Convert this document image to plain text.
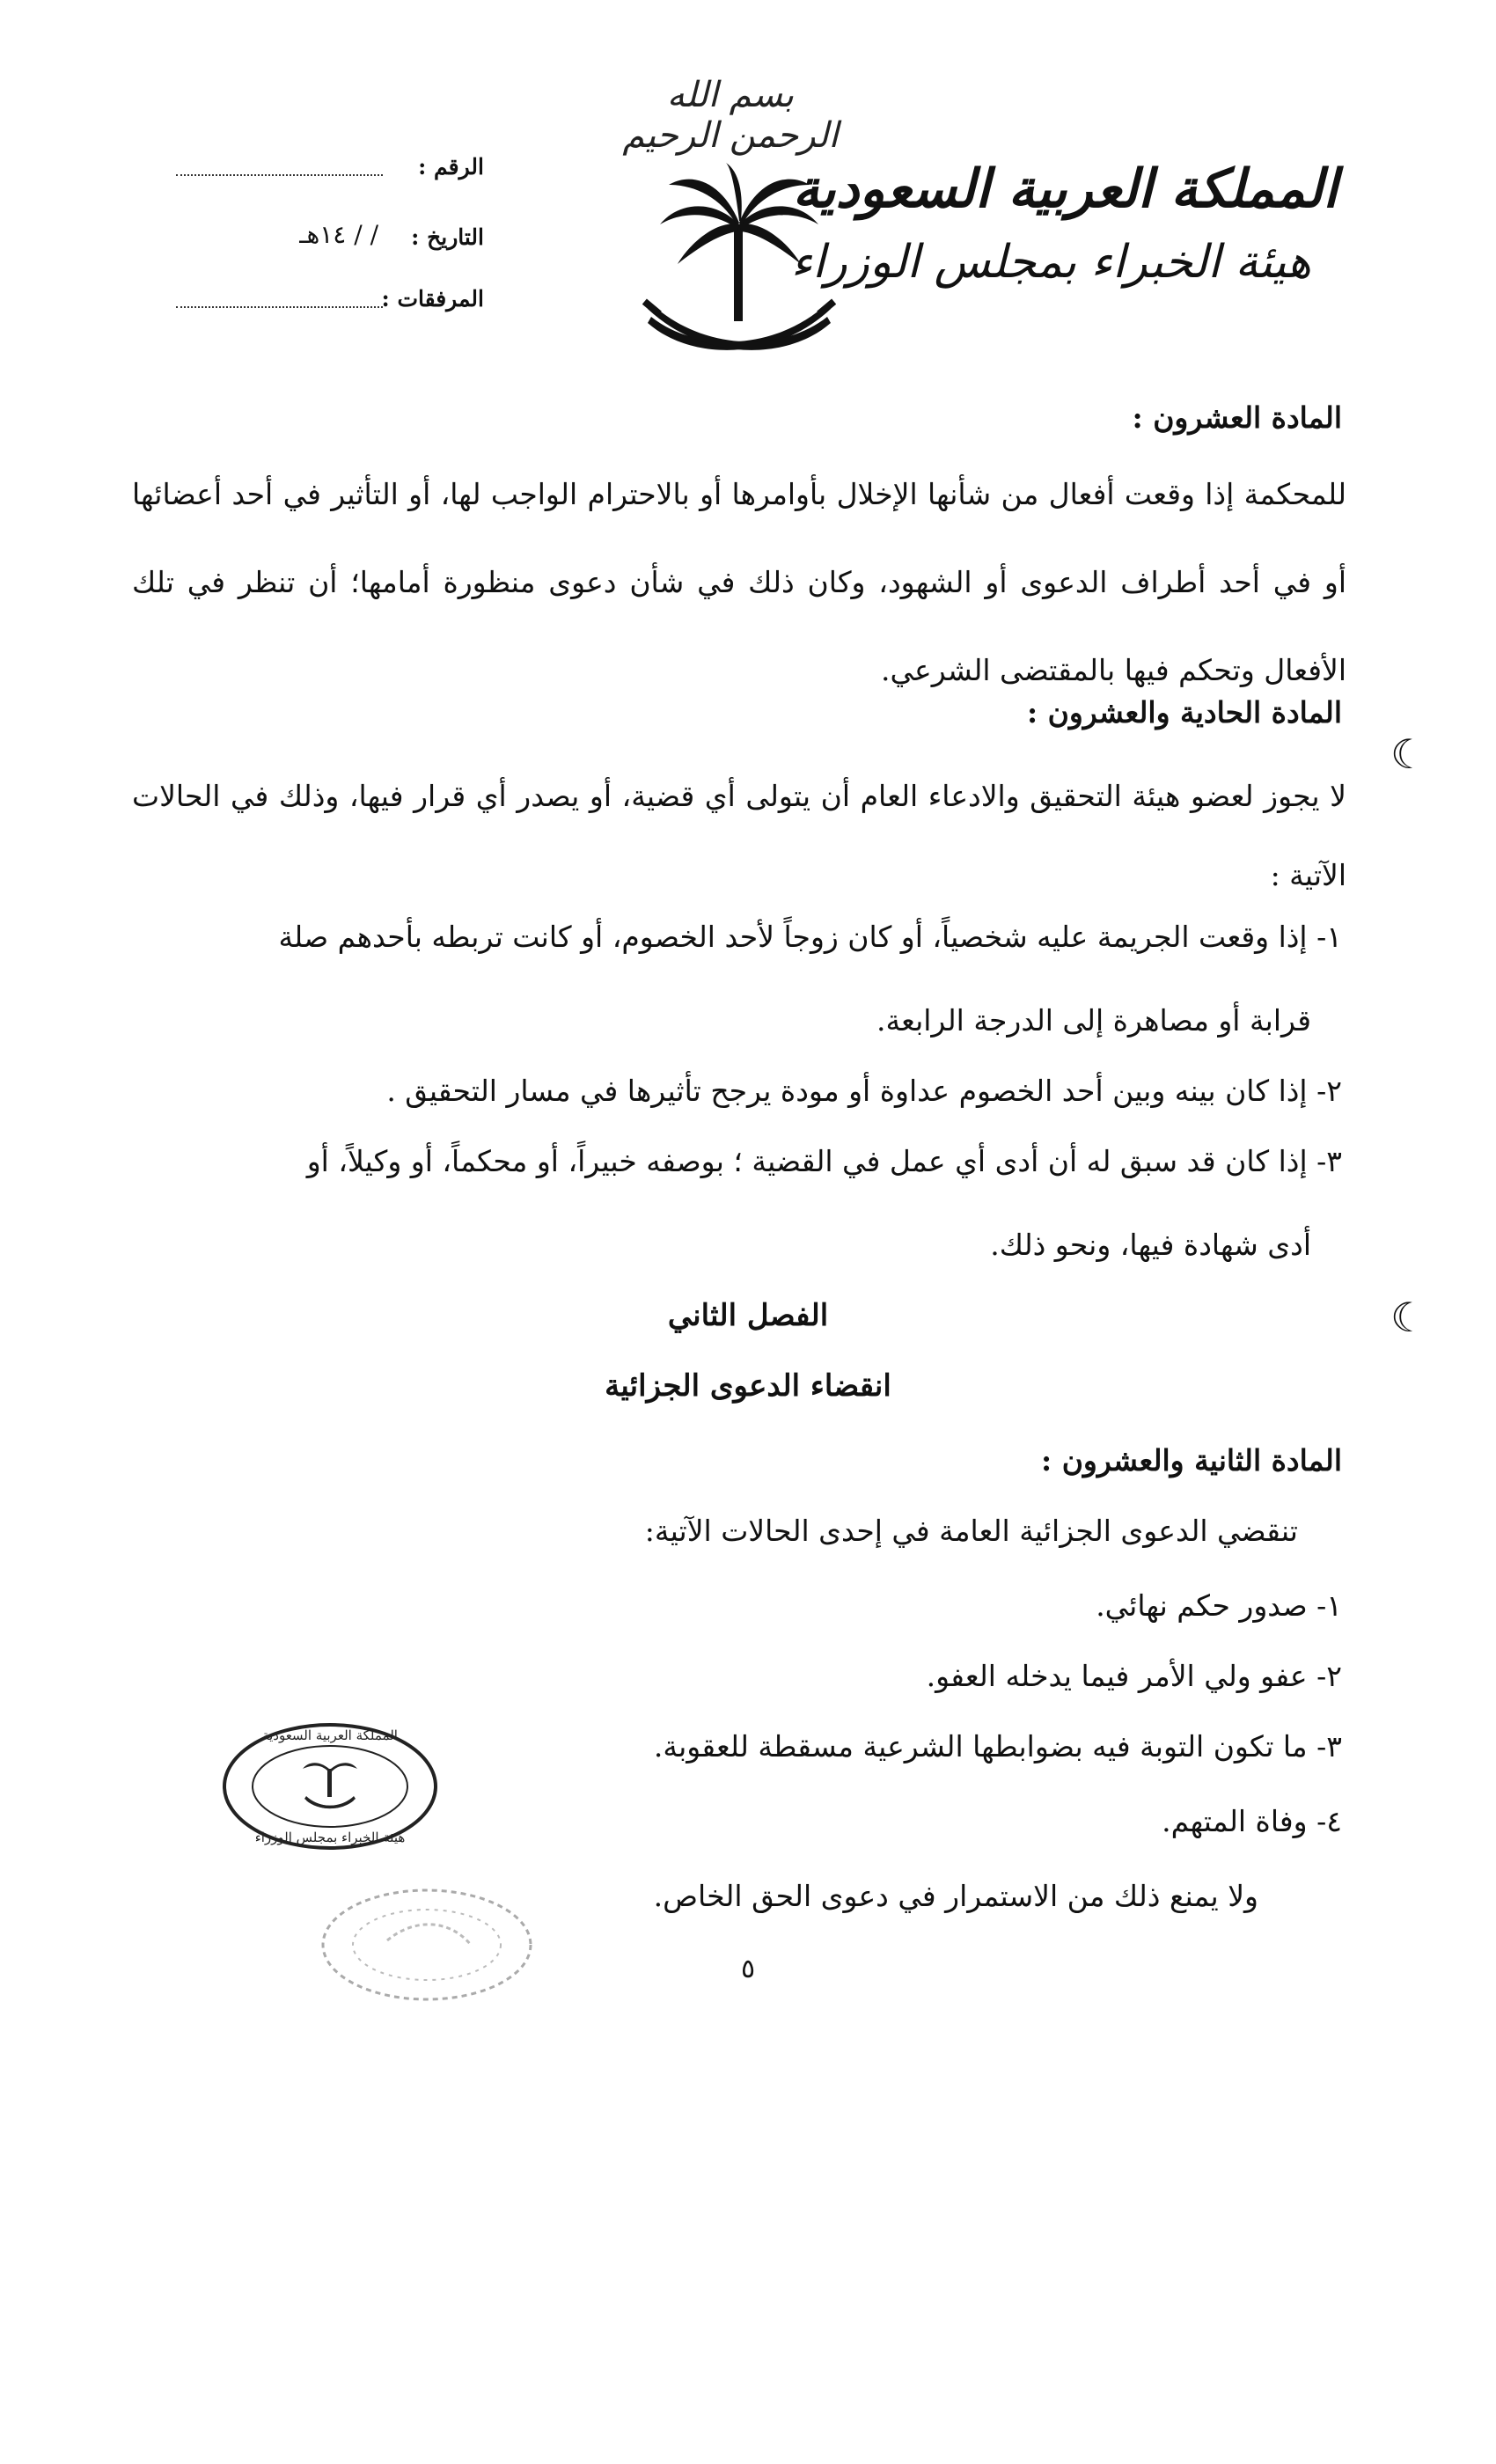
بسم الله الرحمن الرحيم
المملكة العربية السعودية
هيئة الخبراء بمجلس الوزراء
الرقم :
التاريخ :
/ / ١٤هـ
المرفقات :
المادة العشرون :
للمحكمة إذا وقعت أفعال من شأنها الإخلال بأوامرها أو بالاحترام الواجب لها، أو التأثير في أحد أعضائها أو في أحد أطراف الدعوى أو الشهود، وكان ذلك في شأن دعوى منظورة أمامها؛ أن تنظر في تلك الأفعال وتحكم فيها بالمقتضى الشرعي.
المادة الحادية والعشرون :
لا يجوز لعضو هيئة التحقيق والادعاء العام أن يتولى أي قضية، أو يصدر أي قرار فيها، وذلك في الحالات الآتية :
١- إذا وقعت الجريمة عليه شخصياً، أو كان زوجاً لأحد الخصوم، أو كانت تربطه بأحدهم صلة
قرابة أو مصاهرة إلى الدرجة الرابعة.
٢- إذا كان بينه وبين أحد الخصوم عداوة أو مودة يرجح تأثيرها في مسار التحقيق .
٣- إذا كان قد سبق له أن أدى أي عمل في القضية ؛ بوصفه خبيراً، أو محكماً، أو وكيلاً، أو
أدى شهادة فيها، ونحو ذلك.
الفصل الثاني
انقضاء الدعوى الجزائية
المادة الثانية والعشرون :
تنقضي الدعوى الجزائية العامة في إحدى الحالات الآتية:
١- صدور حكم نهائي.
٢- عفو ولي الأمر فيما يدخله العفو.
٣- ما تكون التوبة فيه بضوابطها الشرعية مسقطة للعقوبة.
٤- وفاة المتهم.
ولا يمنع ذلك من الاستمرار في دعوى الحق الخاص.
٥
☾
☾
المملكة العربية السعودية
هيئة الخبراء بمجلس الوزراء
